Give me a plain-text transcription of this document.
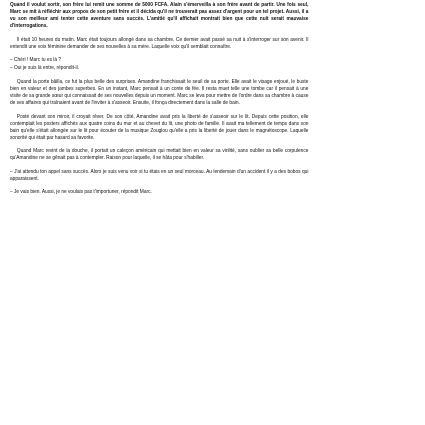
Quand il voulut sortir, son frère lui remit une somme de 5000 FCFA. Alain s'émerveilla à son frère avant de partir. Une fois seul, Marc se mit à réfléchir aux propos de son petit frère et il décida qu'il ne trouverait pas assez d'argent pour un tel projet. Aussi, il a vu son meilleur ami tenter cette aventure sans succès. L'amitié qu'il affichait montrait bien que cette nuit serait mauvaise d'interrogations.

Il était 10 heures du matin. Marc était toujours allongé dans sa chambre. Ce dernier avait passé sa nuit à s'interroger sur son avenir. Il entendit une voix féminine demander de ses nouvelles à sa mère. Laquelle voix qu'il semblait connaître.

– Chéri ! Marc tu es là ?

– Oui je suis là entre, répondit-il.

Quand la porte bâilla, ce fut la plus belle des surprises. Amandine franchissait le seuil de sa porte. Elle avait le visage enjoué, le buste bien en valeur et des jambes superbes. En un instant, Marc pensait à un conte de fée. Il resta muet telle une tombe car il pensait à une visite de sa grande sœur qui connaissait de ses nouvelles depuis un moment. Marc se leva pour mettre de l'ordre dans sa chambre à cause de ses affaires qui traînaient avant de l'inviter à s'asseoir. Ensuite, il fonça directement dans la salle de bain.

Posté devant son miroir, il croyait rêver. De son côté, Amandine avait pris la liberté de s'asseoir sur le lit. Depuis cette position, elle contemplait les posters affichés aux quatre coins du mur et au chevet du lit, une photo de famille. Il avait ma tellement de temps dans son bain qu'elle s'était allongée sur le lit pour écouter de la musique Zouglou qu'elle a pris la liberté de jouer dans le magnétoscope. Laquelle sonorité qui était par hasard sa favorite.

Quand Marc revint de la douche, il portait un caleçon américain qui mettait bien en valeur sa virilité, sans oublier sa belle corpulence qu'Amandine ne se gênait pas à contempler. Raison pour laquelle, il se hâta pour s'habiller.

– J'ai attendu ton appel sans succès. Alors je suis venu voir si tu étais en un seul morceau. Au lendemain d'un accident il y a des bobos qui apparaissent.

– Je vais bien. Aussi, je ne voulais pas t'importuner, répondit Marc.
